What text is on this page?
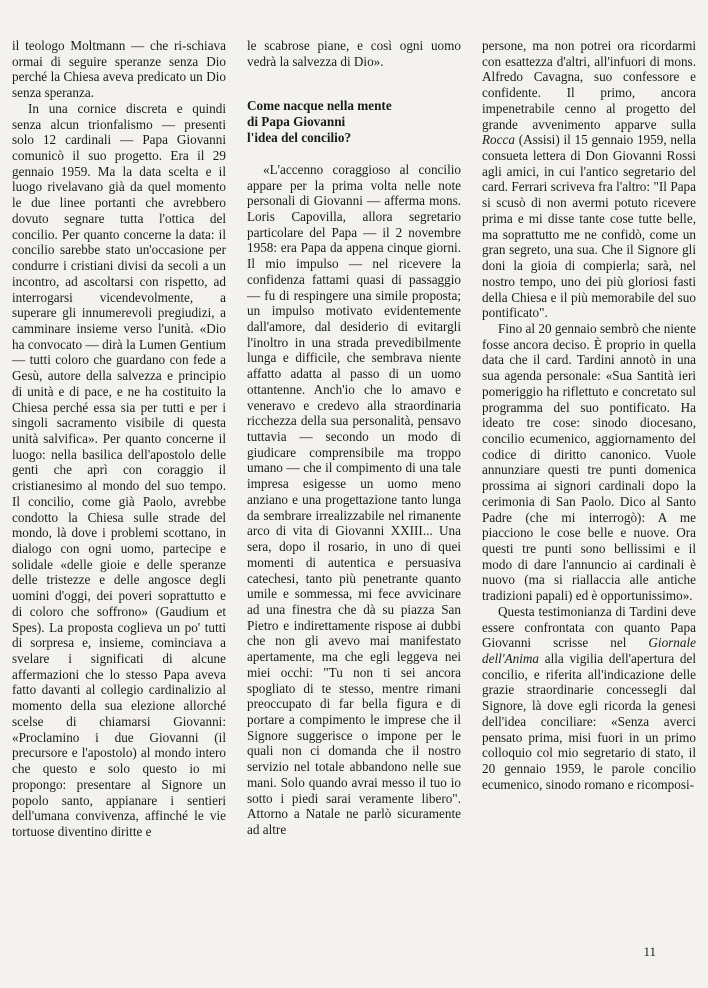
il teologo Moltmann — che ri-schiava ormai di seguire speranze senza Dio perché la Chiesa aveva predicato un Dio senza speranza.

In una cornice discreta e quindi senza alcun trionfalismo — presenti solo 12 cardinali — Papa Giovanni comunicò il suo progetto. Era il 29 gennaio 1959. Ma la data scelta e il luogo rivelavano già da quel momento le due linee portanti che avrebbero dovuto segnare tutta l'ottica del concilio. Per quanto concerne la data: il concilio sarebbe stato un'occasione per condurre i cristiani divisi da secoli a un incontro, ad ascoltarsi con rispetto, ad interrogarsi vicendevolmente, a superare gli innumerevoli pregiudizi, a camminare insieme verso l'unità. «Dio ha convocato — dirà la Lumen Gentium — tutti coloro che guardano con fede a Gesù, autore della salvezza e principio di unità e di pace, e ne ha costituito la Chiesa perché essa sia per tutti e per i singoli sacramento visibile di questa unità salvifica». Per quanto concerne il luogo: nella basilica dell'apostolo delle genti che aprì con coraggio il cristianesimo al mondo del suo tempo. Il concilio, come già Paolo, avrebbe condotto la Chiesa sulle strade del mondo, là dove i problemi scottano, in dialogo con ogni uomo, partecipe e solidale «delle gioie e delle speranze delle tristezze e delle angosce degli uomini d'oggi, dei poveri soprattutto e di coloro che soffrono» (Gaudium et Spes). La proposta coglieva un po' tutti di sorpresa e, insieme, cominciava a svelare i significati di alcune affermazioni che lo stesso Papa aveva fatto davanti al collegio cardinalizio al momento della sua elezione allorché scelse di chiamarsi Giovanni: «Proclamino i due Giovanni (il precursore e l'apostolo) al mondo intero che questo e solo questo io mi propongo: presentare al Signore un popolo santo, appianare i sentieri dell'umana convivenza, affinché le vie tortuose diventino diritte e

le scabrose piane, e così ogni uomo vedrà la salvezza di Dio».

Come nacque nella mente
di Papa Giovanni
l'idea del concilio?

«L'accenno coraggioso al concilio appare per la prima volta nelle note personali di Giovanni — afferma mons. Loris Capovilla, allora segretario particolare del Papa — il 2 novembre 1958: era Papa da appena cinque giorni. Il mio impulso — nel ricevere la confidenza fattami quasi di passaggio — fu di respingere una simile proposta; un impulso motivato evidentemente dall'amore, dal desiderio di evitargli l'inoltro in una strada prevedibilmente lunga e difficile, che sembrava niente affatto adatta al passo di un uomo ottantenne. Anch'io che lo amavo e veneravo e credevo alla straordinaria ricchezza della sua personalità, pensavo tuttavia — secondo un modo di giudicare comprensibile ma troppo umano — che il compimento di una tale impresa esigesse un uomo meno anziano e una progettazione tanto lunga da sembrare irrealizzabile nel rimanente arco di vita di Giovanni XXIII... Una sera, dopo il rosario, in uno di quei momenti di autentica e persuasiva catechesi, tanto più penetrante quanto umile e sommessa, mi fece avvicinare ad una finestra che dà su piazza San Pietro e indirettamente rispose ai dubbi che non gli avevo mai manifestato apertamente, ma che egli leggeva nei miei occhi: "Tu non ti sei ancora spogliato di te stesso, mentre rimani preoccupato di far bella figura e di portare a compimento le imprese che il Signore suggerisce o impone per le quali non ci domanda che il nostro servizio nel totale abbandono nelle sue mani. Solo quando avrai messo il tuo io sotto i piedi sarai veramente libero". Attorno a Natale ne parlò sicuramente ad altre

persone, ma non potrei ora ricordarmi con esattezza d'altri, all'infuori di mons. Alfredo Cavagna, suo confessore e confidente. Il primo, ancora impenetrabile cenno al progetto del grande avvenimento apparve sulla Rocca (Assisi) il 15 gennaio 1959, nella consueta lettera di Don Giovanni Rossi agli amici, in cui l'antico segretario del card. Ferrari scriveva fra l'altro: "Il Papa si scusò di non avermi potuto ricevere prima e mi disse tante cose tutte belle, ma soprattutto me ne confidò, come un gran segreto, una sua. Che il Signore gli doni la gioia di compierla; sarà, nel nostro tempo, uno dei più gloriosi fasti della Chiesa e il più memorabile del suo pontificato".

Fino al 20 gennaio sembrò che niente fosse ancora deciso. È proprio in quella data che il card. Tardini annotò in una sua agenda personale: «Sua Santità ieri pomeriggio ha riflettuto e concretato sul programma del suo pontificato. Ha ideato tre cose: sinodo diocesano, concilio ecumenico, aggiornamento del codice di diritto canonico. Vuole annunziare questi tre punti domenica prossima ai signori cardinali dopo la cerimonia di San Paolo. Dico al Santo Padre (che mi interrogò): A me piacciono le cose belle e nuove. Ora questi tre punti sono bellissimi e il modo di dare l'annuncio ai cardinali è nuovo (ma si riallaccia alle antiche tradizioni papali) ed è opportunissimo».

Questa testimonianza di Tardini deve essere confrontata con quanto Papa Giovanni scrisse nel Giornale dell'Anima alla vigilia dell'apertura del concilio, e riferita all'indicazione delle grazie straordinarie concessegli dal Signore, là dove egli ricorda la genesi dell'idea conciliare: «Senza averci pensato prima, misi fuori in un primo colloquio col mio segretario di stato, il 20 gennaio 1959, le parole concilio ecumenico, sinodo romano e ricomposi-

11
